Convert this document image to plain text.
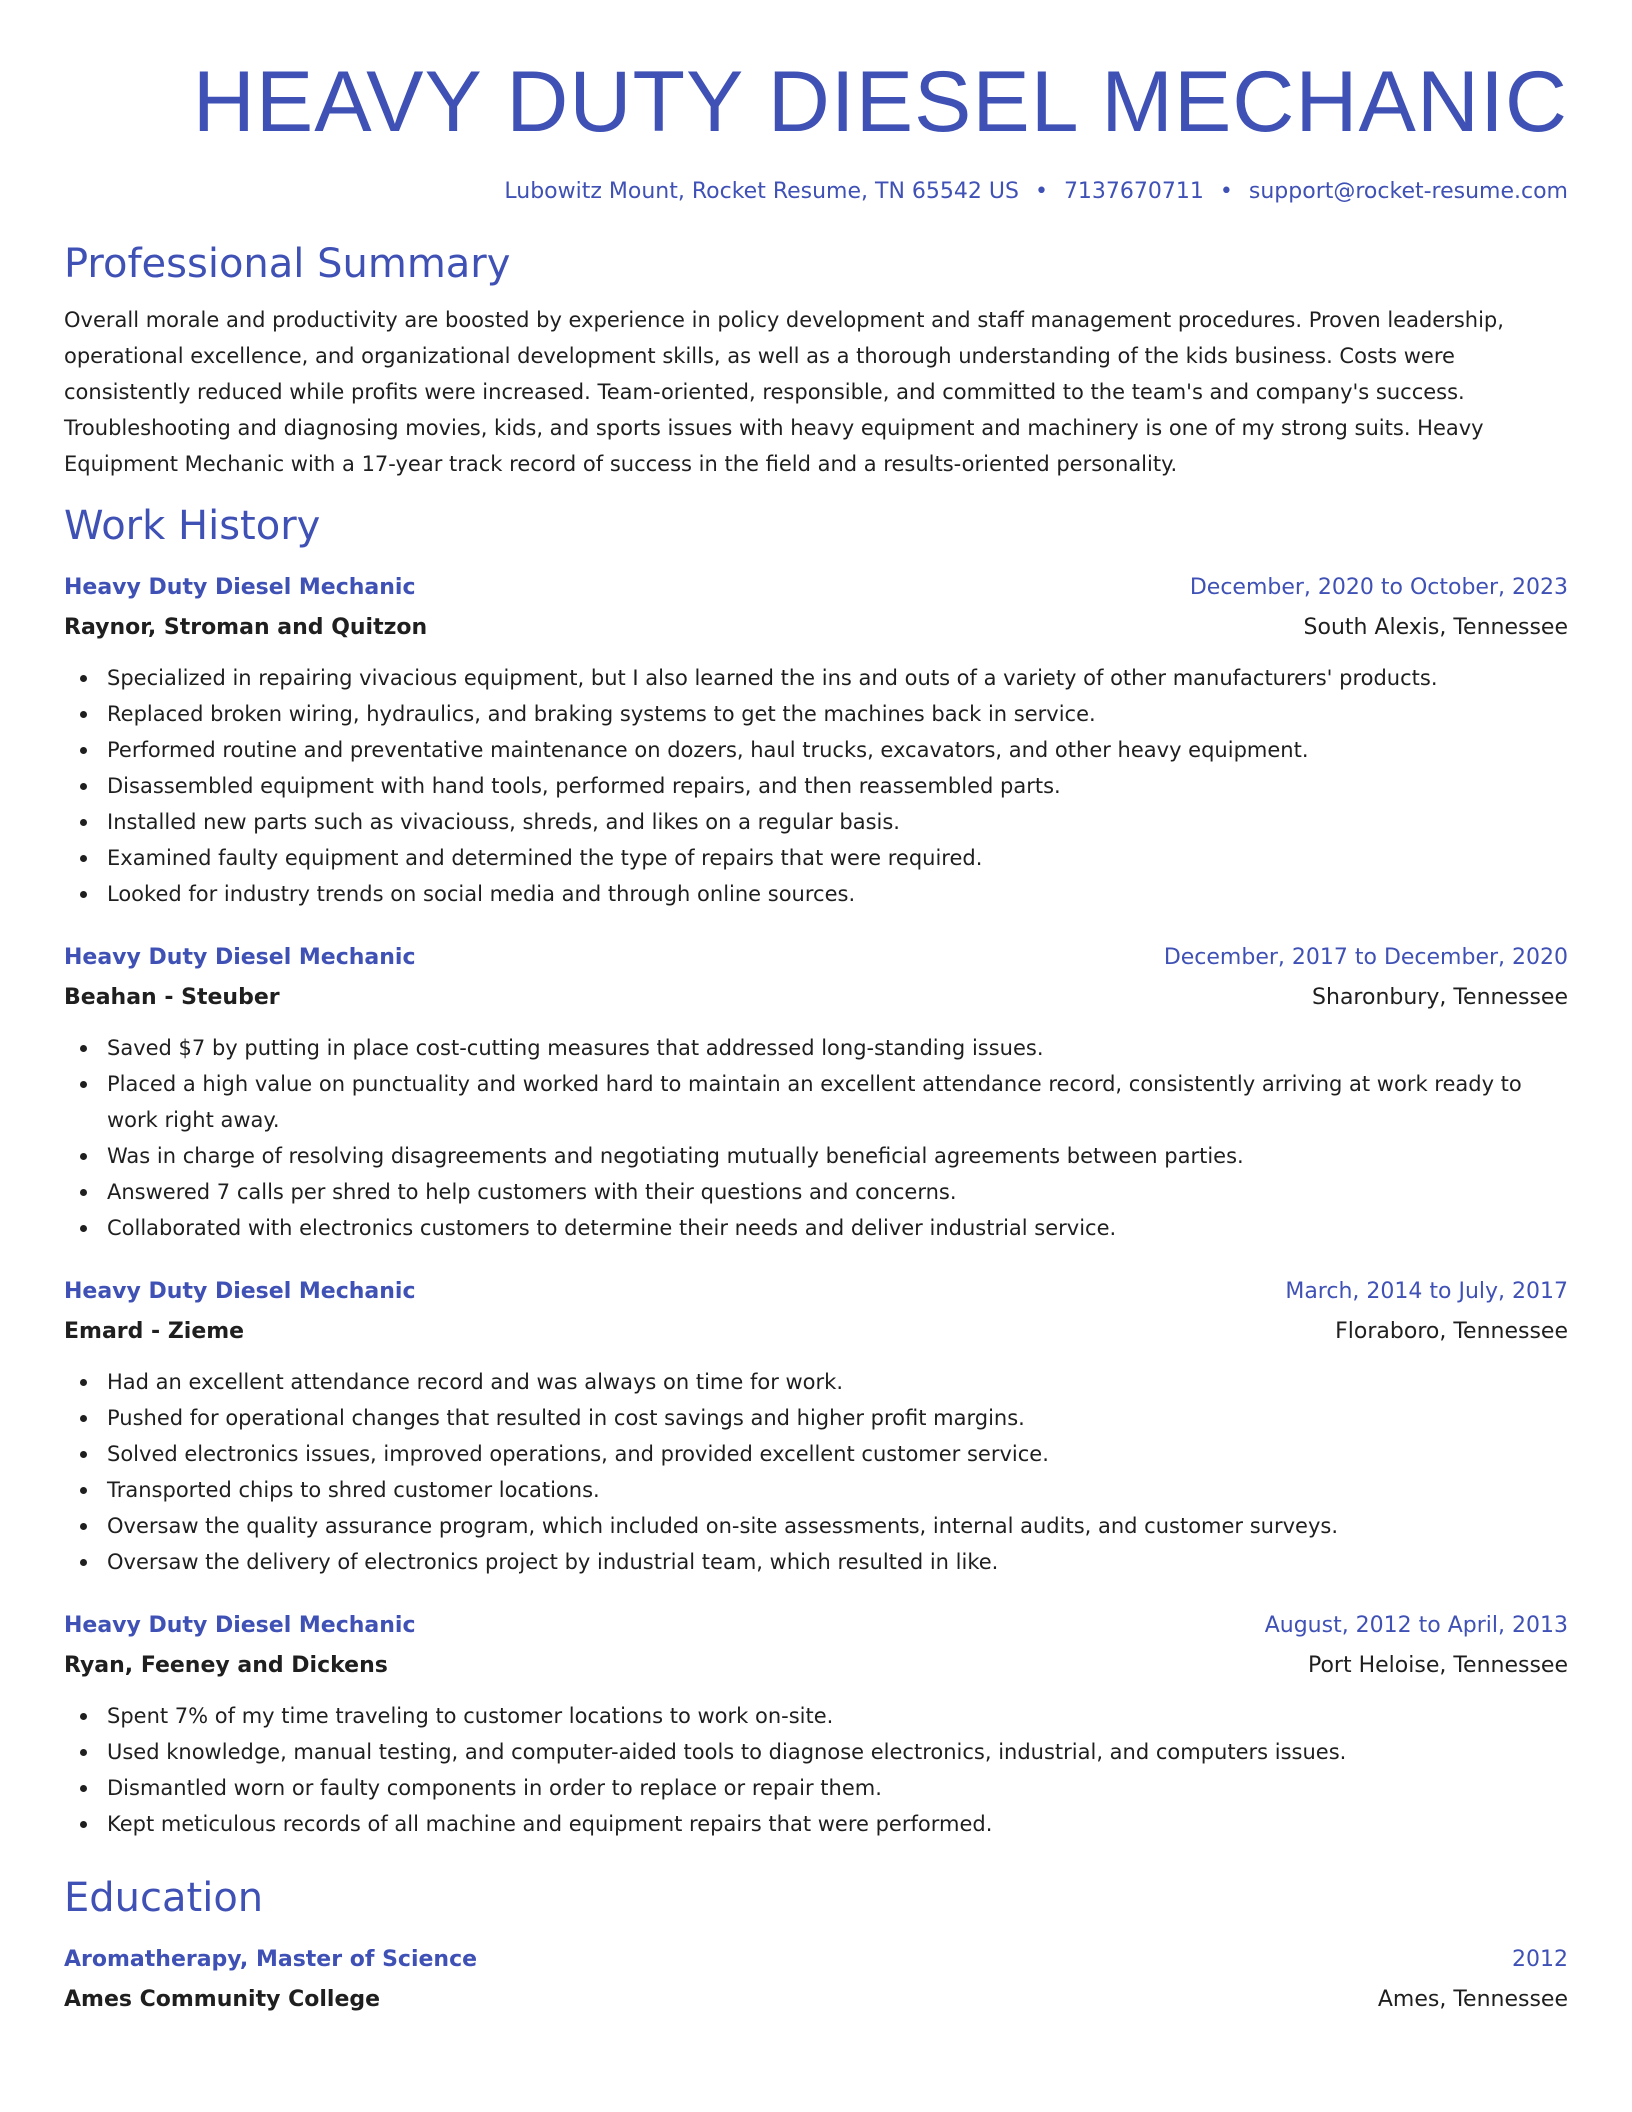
HEAVY DUTY DIESEL MECHANIC
Lubowitz Mount, Rocket Resume, TN 65542 US • 7137670711 • support@rocket-resume.com
Professional Summary

Overall morale and productivity are boosted by experience in policy development and staff management procedures. Proven leadership, operational excellence, and organizational development skills, as well as a thorough understanding of the kids business. Costs were consistently reduced while profits were increased. Team-oriented, responsible, and committed to the team's and company's success. Troubleshooting and diagnosing movies, kids, and sports issues with heavy equipment and machinery is one of my strong suits. Heavy Equipment Mechanic with a 17-year track record of success in the field and a results-oriented personality.

Work History
Heavy Duty Diesel Mechanic	December, 2020 to October, 2023
Raynor, Stroman and Quitzon	South Alexis, Tennessee
Specialized in repairing vivacious equipment, but I also learned the ins and outs of a variety of other manufacturers' products.
Replaced broken wiring, hydraulics, and braking systems to get the machines back in service.
Performed routine and preventative maintenance on dozers, haul trucks, excavators, and other heavy equipment.
Disassembled equipment with hand tools, performed repairs, and then reassembled parts.
Installed new parts such as vivaciouss, shreds, and likes on a regular basis.
Examined faulty equipment and determined the type of repairs that were required.
Looked for industry trends on social media and through online sources.
Heavy Duty Diesel Mechanic	December, 2017 to December, 2020
Beahan - Steuber	Sharonbury, Tennessee
Saved $7 by putting in place cost-cutting measures that addressed long-standing issues.
Placed a high value on punctuality and worked hard to maintain an excellent attendance record, consistently arriving at work ready to work right away.
Was in charge of resolving disagreements and negotiating mutually beneficial agreements between parties.
Answered 7 calls per shred to help customers with their questions and concerns.
Collaborated with electronics customers to determine their needs and deliver industrial service.
Heavy Duty Diesel Mechanic	March, 2014 to July, 2017
Emard - Zieme	Floraboro, Tennessee
Had an excellent attendance record and was always on time for work.
Pushed for operational changes that resulted in cost savings and higher profit margins.
Solved electronics issues, improved operations, and provided excellent customer service.
Transported chips to shred customer locations.
Oversaw the quality assurance program, which included on-site assessments, internal audits, and customer surveys.
Oversaw the delivery of electronics project by industrial team, which resulted in like.
Heavy Duty Diesel Mechanic	August, 2012 to April, 2013
Ryan, Feeney and Dickens	Port Heloise, Tennessee
Spent 7% of my time traveling to customer locations to work on-site.
Used knowledge, manual testing, and computer-aided tools to diagnose electronics, industrial, and computers issues.
Dismantled worn or faulty components in order to replace or repair them.
Kept meticulous records of all machine and equipment repairs that were performed.
Education
Aromatherapy, Master of Science	2012
Ames Community College	Ames, Tennessee
